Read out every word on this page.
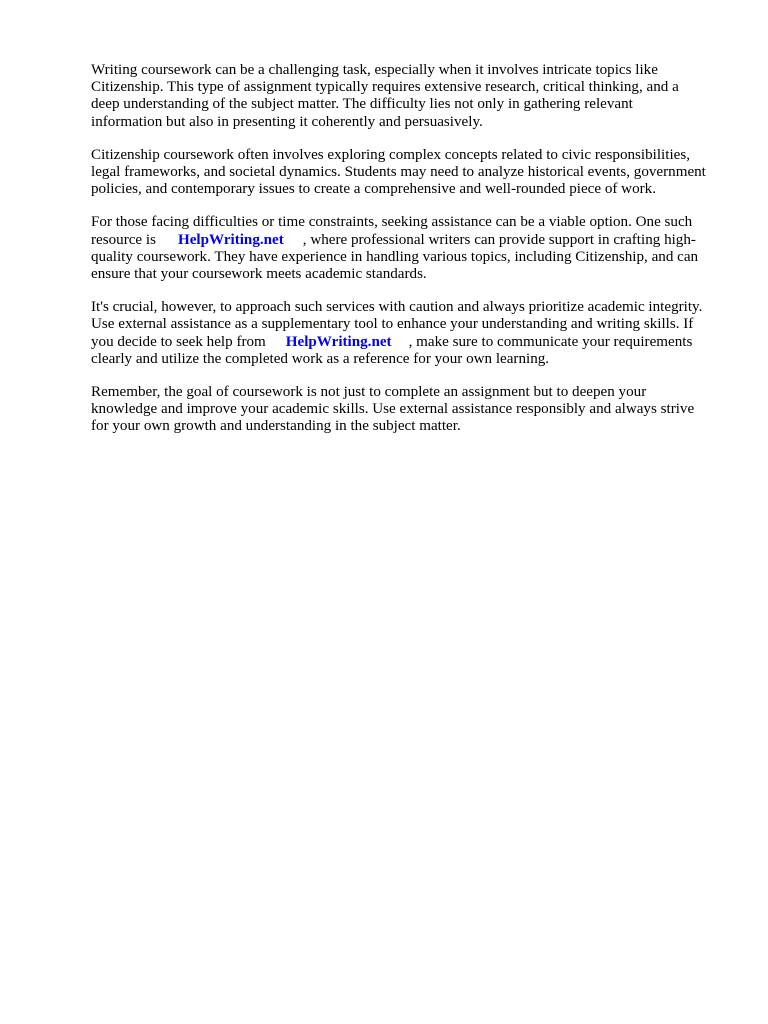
Writing coursework can be a challenging task, especially when it involves intricate topics like
Citizenship. This type of assignment typically requires extensive research, critical thinking, and a
deep understanding of the subject matter. The difficulty lies not only in gathering relevant
information but also in presenting it coherently and persuasively.

Citizenship coursework often involves exploring complex concepts related to civic responsibilities,
legal frameworks, and societal dynamics. Students may need to analyze historical events, government
policies, and contemporary issues to create a comprehensive and well-rounded piece of work.

For those facing difficulties or time constraints, seeking assistance can be a viable option. One such
resource is HelpWriting.net , where professional writers can provide support in crafting high-
quality coursework. They have experience in handling various topics, including Citizenship, and can
ensure that your coursework meets academic standards.

It's crucial, however, to approach such services with caution and always prioritize academic integrity.
Use external assistance as a supplementary tool to enhance your understanding and writing skills. If
you decide to seek help from HelpWriting.net , make sure to communicate your requirements
clearly and utilize the completed work as a reference for your own learning.

Remember, the goal of coursework is not just to complete an assignment but to deepen your
knowledge and improve your academic skills. Use external assistance responsibly and always strive
for your own growth and understanding in the subject matter.
